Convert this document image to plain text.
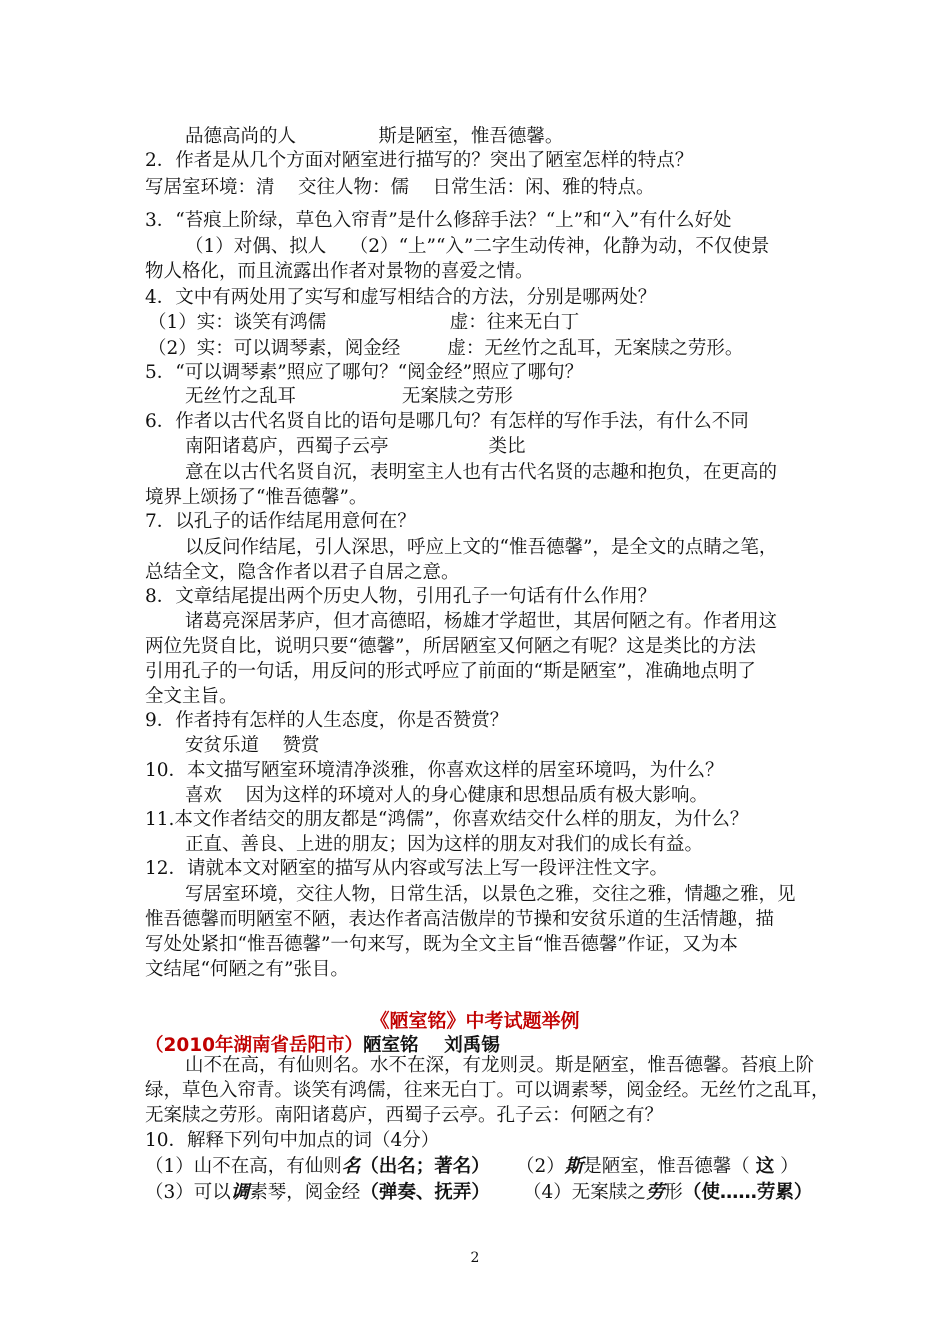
品德高尚的人              斯是陋室，惟吾德馨。
2．作者是从几个方面对陋室进行描写的？突出了陋室怎样的特点？
写居室环境：清    交往人物：儒    日常生活：闲、雅的特点。
3．“苔痕上阶绿，草色入帘青”是什么修辞手法？“上”和“入”有什么好处
（1）对偶、拟人    （2）“上”“入”二字生动传神，化静为动，不仅使景
物人格化，而且流露出作者对景物的喜爱之情。
4．文中有两处用了实写和虚写相结合的方法，分别是哪两处？
（1）实：谈笑有鸿儒                     虚：往来无白丁
（2）实：可以调琴素，阅金经        虚：无丝竹之乱耳，无案牍之劳形。
5．“可以调琴素”照应了哪句？“阅金经”照应了哪句？
无丝竹之乱耳                  无案牍之劳形
6．作者以古代名贤自比的语句是哪几句？有怎样的写作手法，有什么不同
南阳诸葛庐，西蜀子云亭                 类比
意在以古代名贤自沉，表明室主人也有古代名贤的志趣和抱负，在更高的
境界上颂扬了“惟吾德馨”。
7．以孔子的话作结尾用意何在？
以反问作结尾，引人深思，呼应上文的“惟吾德馨”，是全文的点睛之笔，
总结全文，隐含作者以君子自居之意。
8．文章结尾提出两个历史人物，引用孔子一句话有什么作用？
诸葛亮深居茅庐，但才高德昭，杨雄才学超世，其居何陋之有。作者用这
两位先贤自比，说明只要“德馨”，所居陋室又何陋之有呢？这是类比的方法
引用孔子的一句话，用反问的形式呼应了前面的“斯是陋室”，准确地点明了
全文主旨。
9．作者持有怎样的人生态度，你是否赞赏？
安贫乐道    赞赏
10．本文描写陋室环境清净淡雅，你喜欢这样的居室环境吗，为什么？
喜欢    因为这样的环境对人的身心健康和思想品质有极大影响。
11.本文作者结交的朋友都是“鸿儒”，你喜欢结交什么样的朋友，为什么？
正直、善良、上进的朋友；因为这样的朋友对我们的成长有益。
12．请就本文对陋室的描写从内容或写法上写一段评注性文字。
写居室环境，交往人物，日常生活，以景色之雅，交往之雅，情趣之雅，见
惟吾德馨而明陋室不陋，表达作者高洁傲岸的节操和安贫乐道的生活情趣，描
写处处紧扣“惟吾德馨”一句来写，既为全文主旨“惟吾德馨”作证，又为本
文结尾“何陋之有”张目。
《陋室铭》中考试题举例
（2010年湖南省岳阳市）陋室铭    刘禹锡
山不在高，有仙则名。水不在深，有龙则灵。斯是陋室，惟吾德馨。苔痕上阶
绿，草色入帘青。谈笑有鸿儒，往来无白丁。可以调素琴，阅金经。无丝竹之乱耳，
无案牍之劳形。南阳诸葛庐，西蜀子云亭。孔子云：何陋之有？
10．解释下列句中加点的词（4分）
（1）山不在高，有仙则名（出名；著名） （2）斯是陋室，惟吾德馨（ 这 ）
（3）可以调素琴，阅金经（弹奏、抚弄） （4）无案牍之劳形（使……劳累）
2
